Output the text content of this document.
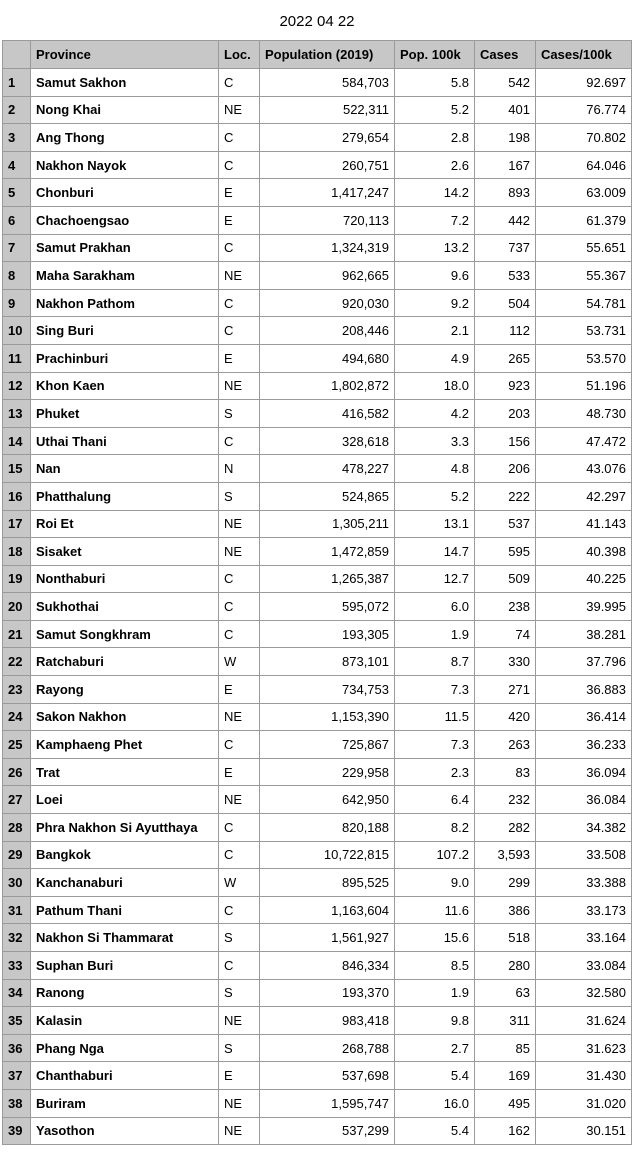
2022 04 22
	Province	Loc.	Population (2019)	Pop. 100k	Cases	Cases/100k
1	Samut Sakhon	C	584,703	5.8	542	92.697
2	Nong Khai	NE	522,311	5.2	401	76.774
3	Ang Thong	C	279,654	2.8	198	70.802
4	Nakhon Nayok	C	260,751	2.6	167	64.046
5	Chonburi	E	1,417,247	14.2	893	63.009
6	Chachoengsao	E	720,113	7.2	442	61.379
7	Samut Prakhan	C	1,324,319	13.2	737	55.651
8	Maha Sarakham	NE	962,665	9.6	533	55.367
9	Nakhon Pathom	C	920,030	9.2	504	54.781
10	Sing Buri	C	208,446	2.1	112	53.731
11	Prachinburi	E	494,680	4.9	265	53.570
12	Khon Kaen	NE	1,802,872	18.0	923	51.196
13	Phuket	S	416,582	4.2	203	48.730
14	Uthai Thani	C	328,618	3.3	156	47.472
15	Nan	N	478,227	4.8	206	43.076
16	Phatthalung	S	524,865	5.2	222	42.297
17	Roi Et	NE	1,305,211	13.1	537	41.143
18	Sisaket	NE	1,472,859	14.7	595	40.398
19	Nonthaburi	C	1,265,387	12.7	509	40.225
20	Sukhothai	C	595,072	6.0	238	39.995
21	Samut Songkhram	C	193,305	1.9	74	38.281
22	Ratchaburi	W	873,101	8.7	330	37.796
23	Rayong	E	734,753	7.3	271	36.883
24	Sakon Nakhon	NE	1,153,390	11.5	420	36.414
25	Kamphaeng Phet	C	725,867	7.3	263	36.233
26	Trat	E	229,958	2.3	83	36.094
27	Loei	NE	642,950	6.4	232	36.084
28	Phra Nakhon Si Ayutthaya	C	820,188	8.2	282	34.382
29	Bangkok	C	10,722,815	107.2	3,593	33.508
30	Kanchanaburi	W	895,525	9.0	299	33.388
31	Pathum Thani	C	1,163,604	11.6	386	33.173
32	Nakhon Si Thammarat	S	1,561,927	15.6	518	33.164
33	Suphan Buri	C	846,334	8.5	280	33.084
34	Ranong	S	193,370	1.9	63	32.580
35	Kalasin	NE	983,418	9.8	311	31.624
36	Phang Nga	S	268,788	2.7	85	31.623
37	Chanthaburi	E	537,698	5.4	169	31.430
38	Buriram	NE	1,595,747	16.0	495	31.020
39	Yasothon	NE	537,299	5.4	162	30.151
